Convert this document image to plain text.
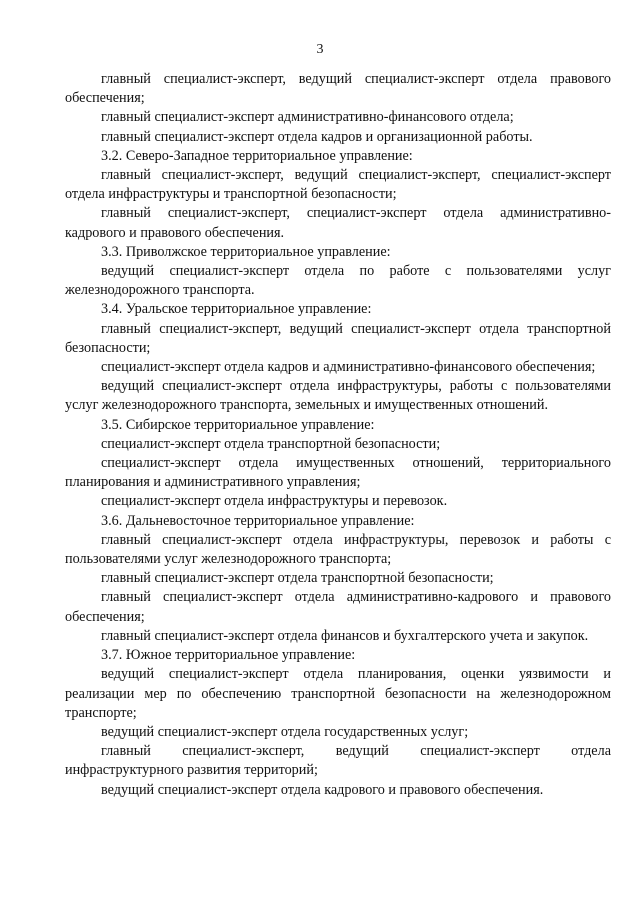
3

главный специалист-эксперт, ведущий специалист-эксперт отдела правового обеспечения;

главный специалист-эксперт административно-финансового отдела;

главный специалист-эксперт отдела кадров и организационной работы.

3.2. Северо-Западное территориальное управление:

главный специалист-эксперт, ведущий специалист-эксперт, специалист-эксперт отдела инфраструктуры и транспортной безопасности;

главный специалист-эксперт, специалист-эксперт отдела административно-кадрового и правового обеспечения.

3.3. Приволжское территориальное управление:

ведущий специалист-эксперт отдела по работе с пользователями услуг железнодорожного транспорта.

3.4. Уральское территориальное управление:

главный специалист-эксперт, ведущий специалист-эксперт отдела транспортной безопасности;

специалист-эксперт отдела кадров и административно-финансового обеспечения;

ведущий специалист-эксперт отдела инфраструктуры, работы с пользователями услуг железнодорожного транспорта, земельных и имущественных отношений.

3.5. Сибирское территориальное управление:

специалист-эксперт отдела транспортной безопасности;

специалист-эксперт отдела имущественных отношений, территориального планирования и административного управления;

специалист-эксперт отдела инфраструктуры и перевозок.

3.6. Дальневосточное территориальное управление:

главный специалист-эксперт отдела инфраструктуры, перевозок и работы с пользователями услуг железнодорожного транспорта;

главный специалист-эксперт отдела транспортной безопасности;

главный специалист-эксперт отдела административно-кадрового и правового обеспечения;

главный специалист-эксперт отдела финансов и бухгалтерского учета и закупок.

3.7. Южное территориальное управление:

ведущий специалист-эксперт отдела планирования, оценки уязвимости и реализации мер по обеспечению транспортной безопасности на железнодорожном транспорте;

ведущий специалист-эксперт отдела государственных услуг;

главный специалист-эксперт, ведущий специалист-эксперт отдела инфраструктурного развития территорий;

ведущий специалист-эксперт отдела кадрового и правового обеспечения.
